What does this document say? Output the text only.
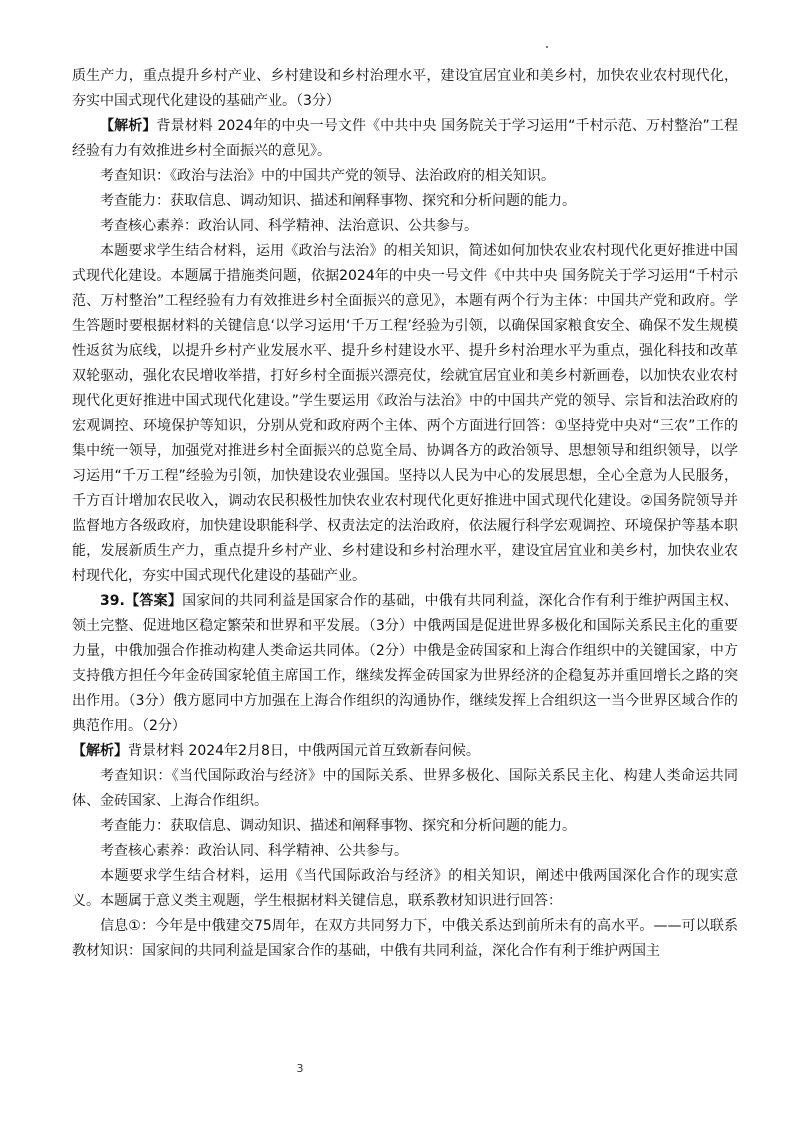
质生产力，重点提升乡村产业、乡村建设和乡村治理水平，建设宜居宜业和美乡村，加快农业农村现代化，夯实中国式现代化建设的基础产业。（3分）

【解析】背景材料 2024年的中央一号文件《中共中央 国务院关于学习运用“千村示范、万村整治”工程经验有力有效推进乡村全面振兴的意见》。

考查知识：《政治与法治》中的中国共产党的领导、法治政府的相关知识。

考查能力：获取信息、调动知识、描述和阐释事物、探究和分析问题的能力。

考查核心素养：政治认同、科学精神、法治意识、公共参与。

本题要求学生结合材料，运用《政治与法治》的相关知识，简述如何加快农业农村现代化更好推进中国式现代化建设。本题属于措施类问题，依据2024年的中央一号文件《中共中央 国务院关于学习运用“千村示范、万村整治”工程经验有力有效推进乡村全面振兴的意见》，本题有两个行为主体：中国共产党和政府。学生答题时要根据材料的关键信息‘以学习运用‘千万工程’经验为引领，以确保国家粮食安全、确保不发生规模性返贫为底线，以提升乡村产业发展水平、提升乡村建设水平、提升乡村治理水平为重点，强化科技和改革双轮驱动，强化农民增收举措，打好乡村全面振兴漂亮仗，绘就宜居宜业和美乡村新画卷，以加快农业农村现代化更好推进中国式现代化建设。”学生要运用《政治与法治》中的中国共产党的领导、宗旨和法治政府的宏观调控、环境保护等知识，分别从党和政府两个主体、两个方面进行回答：①坚持党中央对“三农”工作的集中统一领导，加强党对推进乡村全面振兴的总览全局、协调各方的政治领导、思想领导和组织领导，以学习运用“千万工程”经验为引领，加快建设农业强国。坚持以人民为中心的发展思想，全心全意为人民服务，千方百计增加农民收入，调动农民积极性加快农业农村现代化更好推进中国式现代化建设。②国务院领导并监督地方各级政府，加快建设职能科学、权责法定的法治政府，依法履行科学宏观调控、环境保护等基本职能，发展新质生产力，重点提升乡村产业、乡村建设和乡村治理水平，建设宜居宜业和美乡村，加快农业农村现代化，夯实中国式现代化建设的基础产业。

39.【答案】国家间的共同利益是国家合作的基础，中俄有共同利益，深化合作有利于维护两国主权、领土完整、促进地区稳定繁荣和世界和平发展。（3分）中俄两国是促进世界多极化和国际关系民主化的重要力量，中俄加强合作推动构建人类命运共同体。（2分）中俄是金砖国家和上海合作组织中的关键国家，中方支持俄方担任今年金砖国家轮值主席国工作，继续发挥金砖国家为世界经济的企稳复苏并重回增长之路的突出作用。（3分）俄方愿同中方加强在上海合作组织的沟通协作，继续发挥上合组织这一当今世界区域合作的典范作用。（2分）

【解析】背景材料 2024年2月8日，中俄两国元首互致新春问候。

考查知识：《当代国际政治与经济》中的国际关系、世界多极化、国际关系民主化、构建人类命运共同体、金砖国家、上海合作组织。

考查能力：获取信息、调动知识、描述和阐释事物、探究和分析问题的能力。

考查核心素养：政治认同、科学精神、公共参与。

本题要求学生结合材料，运用《当代国际政治与经济》的相关知识，阐述中俄两国深化合作的现实意义。本题属于意义类主观题，学生根据材料关键信息，联系教材知识进行回答：

信息①：今年是中俄建交75周年，在双方共同努力下，中俄关系达到前所未有的高水平。——可以联系教材知识：国家间的共同利益是国家合作的基础，中俄有共同利益，深化合作有利于维护两国主

3
